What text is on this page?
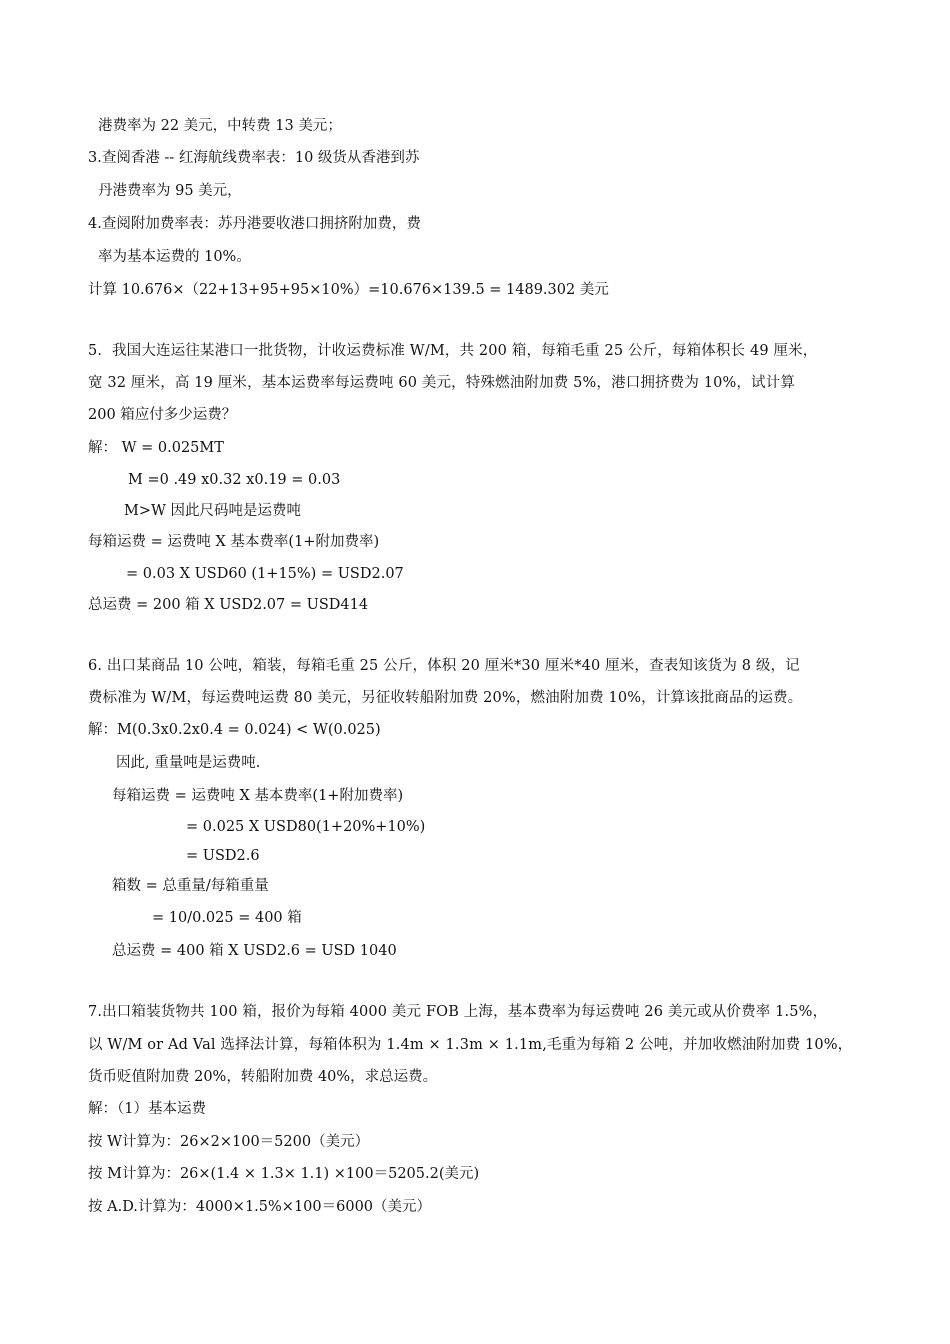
港费率为 22 美元，中转费 13 美元；
3.查阅香港 -- 红海航线费率表：10 级货从香港到苏
丹港费率为 95 美元，
4.查阅附加费率表：苏丹港要收港口拥挤附加费，费
率为基本运费的 10%。
计算 10.676×（22+13+95+95×10%）=10.676×139.5 = 1489.302 美元
5．我国大连运往某港口一批货物，计收运费标准 W/M，共 200 箱，每箱毛重 25 公斤，每箱体积长 49 厘米，
宽 32 厘米，高 19 厘米，基本运费率每运费吨 60 美元，特殊燃油附加费 5%，港口拥挤费为 10%，试计算
200 箱应付多少运费？
解： W = 0.025MT
M =0 .49 x0.32 x0.19 = 0.03
M>W 因此尺码吨是运费吨
每箱运费 = 运费吨 X 基本费率(1+附加费率)
= 0.03 X USD60 (1+15%) = USD2.07
总运费 = 200 箱 X USD2.07 = USD414
6. 出口某商品 10 公吨，箱装，每箱毛重 25 公斤，体积 20 厘米*30 厘米*40 厘米，查表知该货为 8 级，记
费标准为 W/M，每运费吨运费 80 美元，另征收转船附加费 20%，燃油附加费 10%，计算该批商品的运费。
解：M(0.3x0.2x0.4 = 0.024) < W(0.025)
因此, 重量吨是运费吨.
每箱运费 = 运费吨 X 基本费率(1+附加费率)
= 0.025 X USD80(1+20%+10%)
= USD2.6
箱数 = 总重量/每箱重量
= 10/0.025 = 400 箱
总运费 = 400 箱 X USD2.6 = USD 1040
7.出口箱装货物共 100 箱，报价为每箱 4000 美元 FOB 上海，基本费率为每运费吨 26 美元或从价费率 1.5%，
以 W/M or Ad Val 选择法计算，每箱体积为 1.4m × 1.3m × 1.1m,毛重为每箱 2 公吨，并加收燃油附加费 10%，
货币贬值附加费 20%，转船附加费 40%，求总运费。
解：（1）基本运费
按 W计算为：26×2×100＝5200（美元）
按 M计算为：26×(1.4 × 1.3× 1.1) ×100＝5205.2(美元)
按 A.D.计算为：4000×1.5%×100＝6000（美元）
